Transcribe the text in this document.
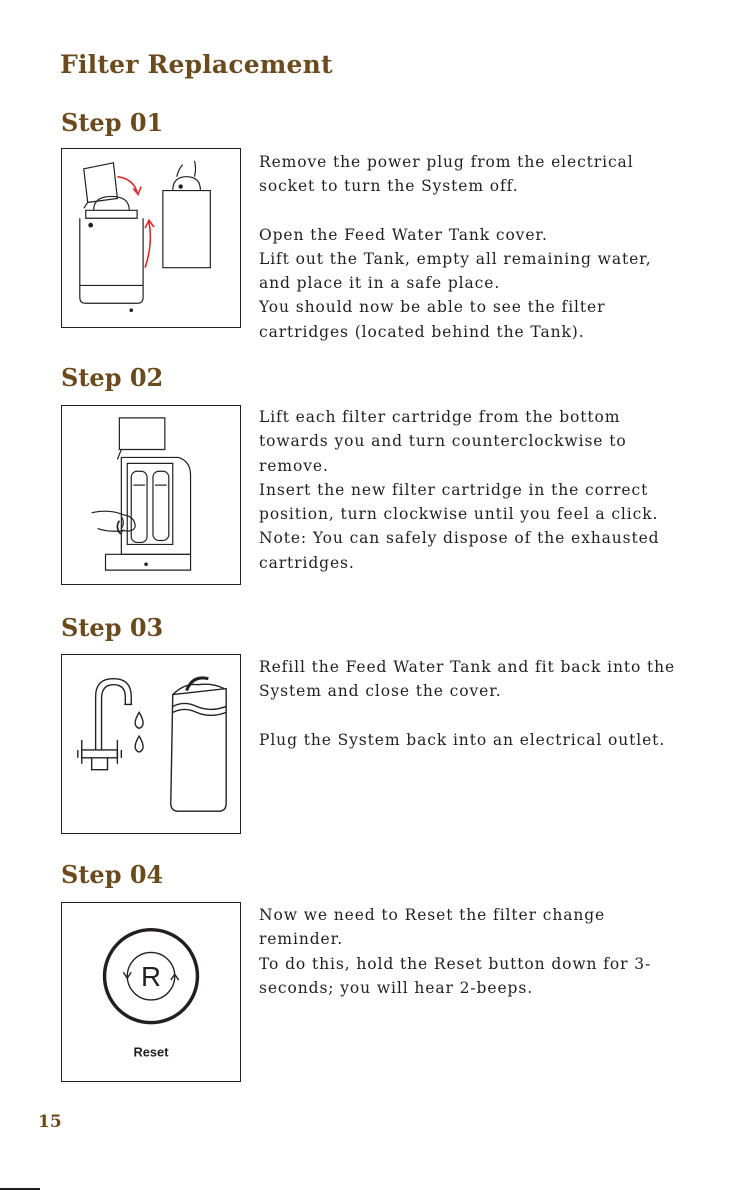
Filter Replacement
Step 01

Remove the power plug from the electrical

socket to turn the System off.

Open the Feed Water Tank cover.

Lift out the Tank, empty all remaining water,

and place it in a safe place.

You should now be able to see the filter

cartridges (located behind the Tank).

Step 02

Lift each filter cartridge from the bottom

towards you and turn counterclockwise to

remove.

Insert the new filter cartridge in the correct

position, turn clockwise until you feel a click.

Note: You can safely dispose of the exhausted

cartridges.

Step 03

Refill the Feed Water Tank and fit back into the

System and close the cover.

Plug the System back into an electrical outlet.

Step 04
R
Reset

Now we need to Reset the filter change

reminder.

To do this, hold the Reset button down for 3-

seconds; you will hear 2-beeps.

15
